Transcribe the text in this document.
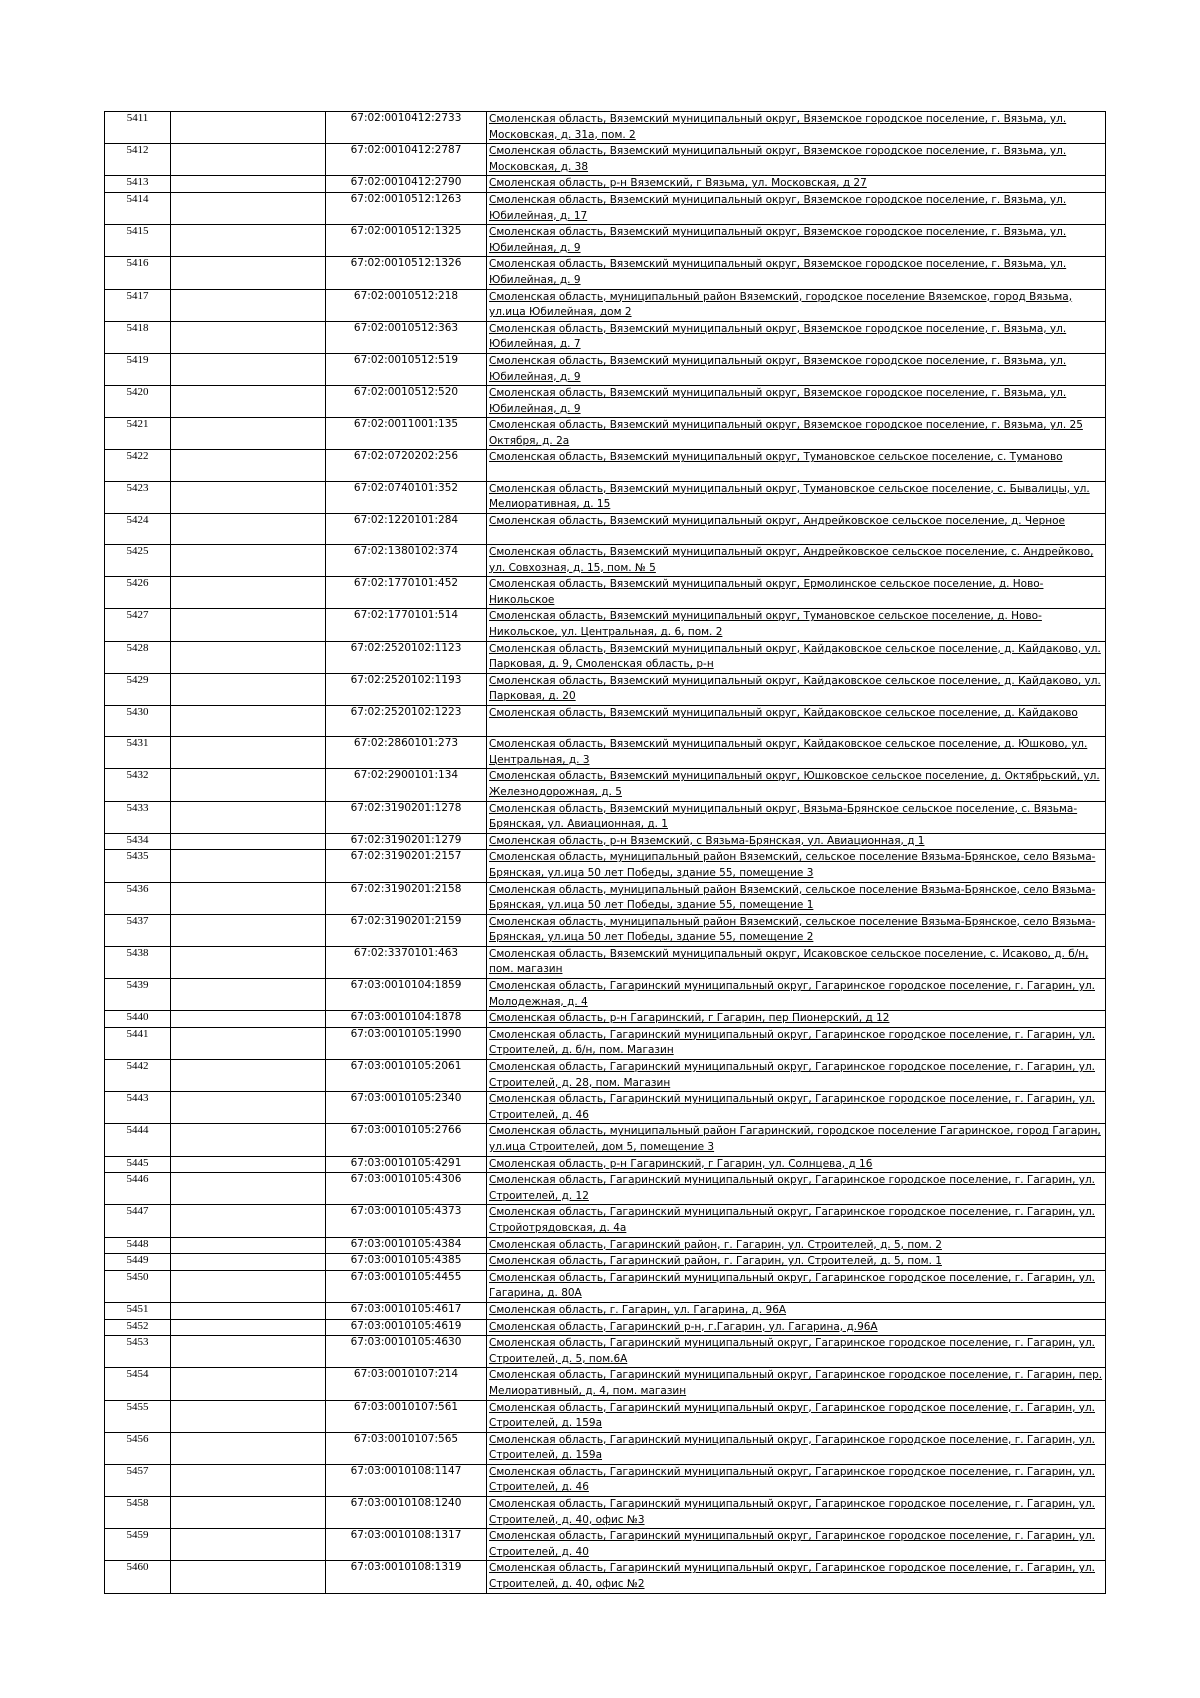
5411		67:02:0010412:2733	Смоленская область, Вяземский муниципальный округ, Вяземское городское поселение, г. Вязьма, ул. Московская, д. 31а, пом. 2
5412		67:02:0010412:2787	Смоленская область, Вяземский муниципальный округ, Вяземское городское поселение, г. Вязьма, ул. Московская, д. 38
5413		67:02:0010412:2790	Смоленская область, р-н Вяземский, г Вязьма, ул. Московская, д 27
5414		67:02:0010512:1263	Смоленская область, Вяземский муниципальный округ, Вяземское городское поселение, г. Вязьма, ул. Юбилейная, д. 17
5415		67:02:0010512:1325	Смоленская область, Вяземский муниципальный округ, Вяземское городское поселение, г. Вязьма, ул. Юбилейная, д. 9
5416		67:02:0010512:1326	Смоленская область, Вяземский муниципальный округ, Вяземское городское поселение, г. Вязьма, ул. Юбилейная, д. 9
5417		67:02:0010512:218	Смоленская область, муниципальный район Вяземский, городское поселение Вяземское, город Вязьма, ул.ица Юбилейная, дом 2
5418		67:02:0010512:363	Смоленская область, Вяземский муниципальный округ, Вяземское городское поселение, г. Вязьма, ул. Юбилейная, д. 7
5419		67:02:0010512:519	Смоленская область, Вяземский муниципальный округ, Вяземское городское поселение, г. Вязьма, ул. Юбилейная, д. 9
5420		67:02:0010512:520	Смоленская область, Вяземский муниципальный округ, Вяземское городское поселение, г. Вязьма, ул. Юбилейная, д. 9
5421		67:02:0011001:135	Смоленская область, Вяземский муниципальный округ, Вяземское городское поселение, г. Вязьма, ул. 25 Октября, д. 2а
5422		67:02:0720202:256	Смоленская область, Вяземский муниципальный округ, Тумановское сельское поселение, с. Туманово
5423		67:02:0740101:352	Смоленская область, Вяземский муниципальный округ, Тумановское сельское поселение, с. Бывалицы, ул. Мелиоративная, д. 15
5424		67:02:1220101:284	Смоленская область, Вяземский муниципальный округ, Андрейковское сельское поселение, д. Черное
5425		67:02:1380102:374	Смоленская область, Вяземский муниципальный округ, Андрейковское сельское поселение, с. Андрейково, ул. Совхозная, д. 15, пом. № 5
5426		67:02:1770101:452	Смоленская область, Вяземский муниципальный округ, Ермолинское сельское поселение, д. Ново-Никольское
5427		67:02:1770101:514	Смоленская область, Вяземский муниципальный округ, Тумановское сельское поселение, д. Ново-Никольское, ул. Центральная, д. 6, пом. 2
5428		67:02:2520102:1123	Смоленская область, Вяземский муниципальный округ, Кайдаковское сельское поселение, д. Кайдаково, ул. Парковая, д. 9, Смоленская область, р-н
5429		67:02:2520102:1193	Смоленская область, Вяземский муниципальный округ, Кайдаковское сельское поселение, д. Кайдаково, ул. Парковая, д. 20
5430		67:02:2520102:1223	Смоленская область, Вяземский муниципальный округ, Кайдаковское сельское поселение, д. Кайдаково
5431		67:02:2860101:273	Смоленская область, Вяземский муниципальный округ, Кайдаковское сельское поселение, д. Юшково, ул. Центральная, д. 3
5432		67:02:2900101:134	Смоленская область, Вяземский муниципальный округ, Юшковское сельское поселение, д. Октябрьский, ул. Железнодорожная, д. 5
5433		67:02:3190201:1278	Смоленская область, Вяземский муниципальный округ, Вязьма-Брянское сельское поселение, с. Вязьма-Брянская, ул. Авиационная, д. 1
5434		67:02:3190201:1279	Смоленская область, р-н Вяземский, с Вязьма-Брянская, ул. Авиационная, д 1
5435		67:02:3190201:2157	Смоленская область, муниципальный район Вяземский, сельское поселение Вязьма-Брянское, село Вязьма-Брянская, ул.ица 50 лет Победы, здание 55, помещение 3
5436		67:02:3190201:2158	Смоленская область, муниципальный район Вяземский, сельское поселение Вязьма-Брянское, село Вязьма-Брянская, ул.ица 50 лет Победы, здание 55, помещение 1
5437		67:02:3190201:2159	Смоленская область, муниципальный район Вяземский, сельское поселение Вязьма-Брянское, село Вязьма-Брянская, ул.ица 50 лет Победы, здание 55, помещение 2
5438		67:02:3370101:463	Смоленская область, Вяземский муниципальный округ, Исаковское сельское поселение, с. Исаково, д. б/н, пом. магазин
5439		67:03:0010104:1859	Смоленская область, Гагаринский муниципальный округ, Гагаринское городское поселение, г. Гагарин, ул. Молодежная, д. 4
5440		67:03:0010104:1878	Смоленская область, р-н Гагаринский, г Гагарин, пер Пионерский, д 12
5441		67:03:0010105:1990	Смоленская область, Гагаринский муниципальный округ, Гагаринское городское поселение, г. Гагарин, ул. Строителей, д. б/н, пом. Магазин
5442		67:03:0010105:2061	Смоленская область, Гагаринский муниципальный округ, Гагаринское городское поселение, г. Гагарин, ул. Строителей, д. 28, пом. Магазин
5443		67:03:0010105:2340	Смоленская область, Гагаринский муниципальный округ, Гагаринское городское поселение, г. Гагарин, ул. Строителей, д. 46
5444		67:03:0010105:2766	Смоленская область, муниципальный район Гагаринский, городское поселение Гагаринское, город Гагарин, ул.ица Строителей, дом 5, помещение 3
5445		67:03:0010105:4291	Смоленская область, р-н Гагаринский, г Гагарин, ул. Солнцева, д 16
5446		67:03:0010105:4306	Смоленская область, Гагаринский муниципальный округ, Гагаринское городское поселение, г. Гагарин, ул. Строителей, д. 12
5447		67:03:0010105:4373	Смоленская область, Гагаринский муниципальный округ, Гагаринское городское поселение, г. Гагарин, ул. Стройотрядовская, д. 4а
5448		67:03:0010105:4384	Смоленская область, Гагаринский район, г. Гагарин, ул. Строителей, д. 5, пом. 2
5449		67:03:0010105:4385	Смоленская область, Гагаринский район, г. Гагарин, ул. Строителей, д. 5, пом. 1
5450		67:03:0010105:4455	Смоленская область, Гагаринский муниципальный округ, Гагаринское городское поселение, г. Гагарин, ул. Гагарина, д. 80А
5451		67:03:0010105:4617	Смоленская область, г. Гагарин, ул. Гагарина, д. 96А
5452		67:03:0010105:4619	Смоленская область, Гагаринский р-н, г.Гагарин, ул. Гагарина, д.96А
5453		67:03:0010105:4630	Смоленская область, Гагаринский муниципальный округ, Гагаринское городское поселение, г. Гагарин, ул. Строителей, д. 5, пом.6А
5454		67:03:0010107:214	Смоленская область, Гагаринский муниципальный округ, Гагаринское городское поселение, г. Гагарин, пер. Мелиоративный, д. 4, пом. магазин
5455		67:03:0010107:561	Смоленская область, Гагаринский муниципальный округ, Гагаринское городское поселение, г. Гагарин, ул. Строителей, д. 159а
5456		67:03:0010107:565	Смоленская область, Гагаринский муниципальный округ, Гагаринское городское поселение, г. Гагарин, ул. Строителей, д. 159а
5457		67:03:0010108:1147	Смоленская область, Гагаринский муниципальный округ, Гагаринское городское поселение, г. Гагарин, ул. Строителей, д. 46
5458		67:03:0010108:1240	Смоленская область, Гагаринский муниципальный округ, Гагаринское городское поселение, г. Гагарин, ул. Строителей, д. 40, офис №3
5459		67:03:0010108:1317	Смоленская область, Гагаринский муниципальный округ, Гагаринское городское поселение, г. Гагарин, ул. Строителей, д. 40
5460		67:03:0010108:1319	Смоленская область, Гагаринский муниципальный округ, Гагаринское городское поселение, г. Гагарин, ул. Строителей, д. 40, офис №2
